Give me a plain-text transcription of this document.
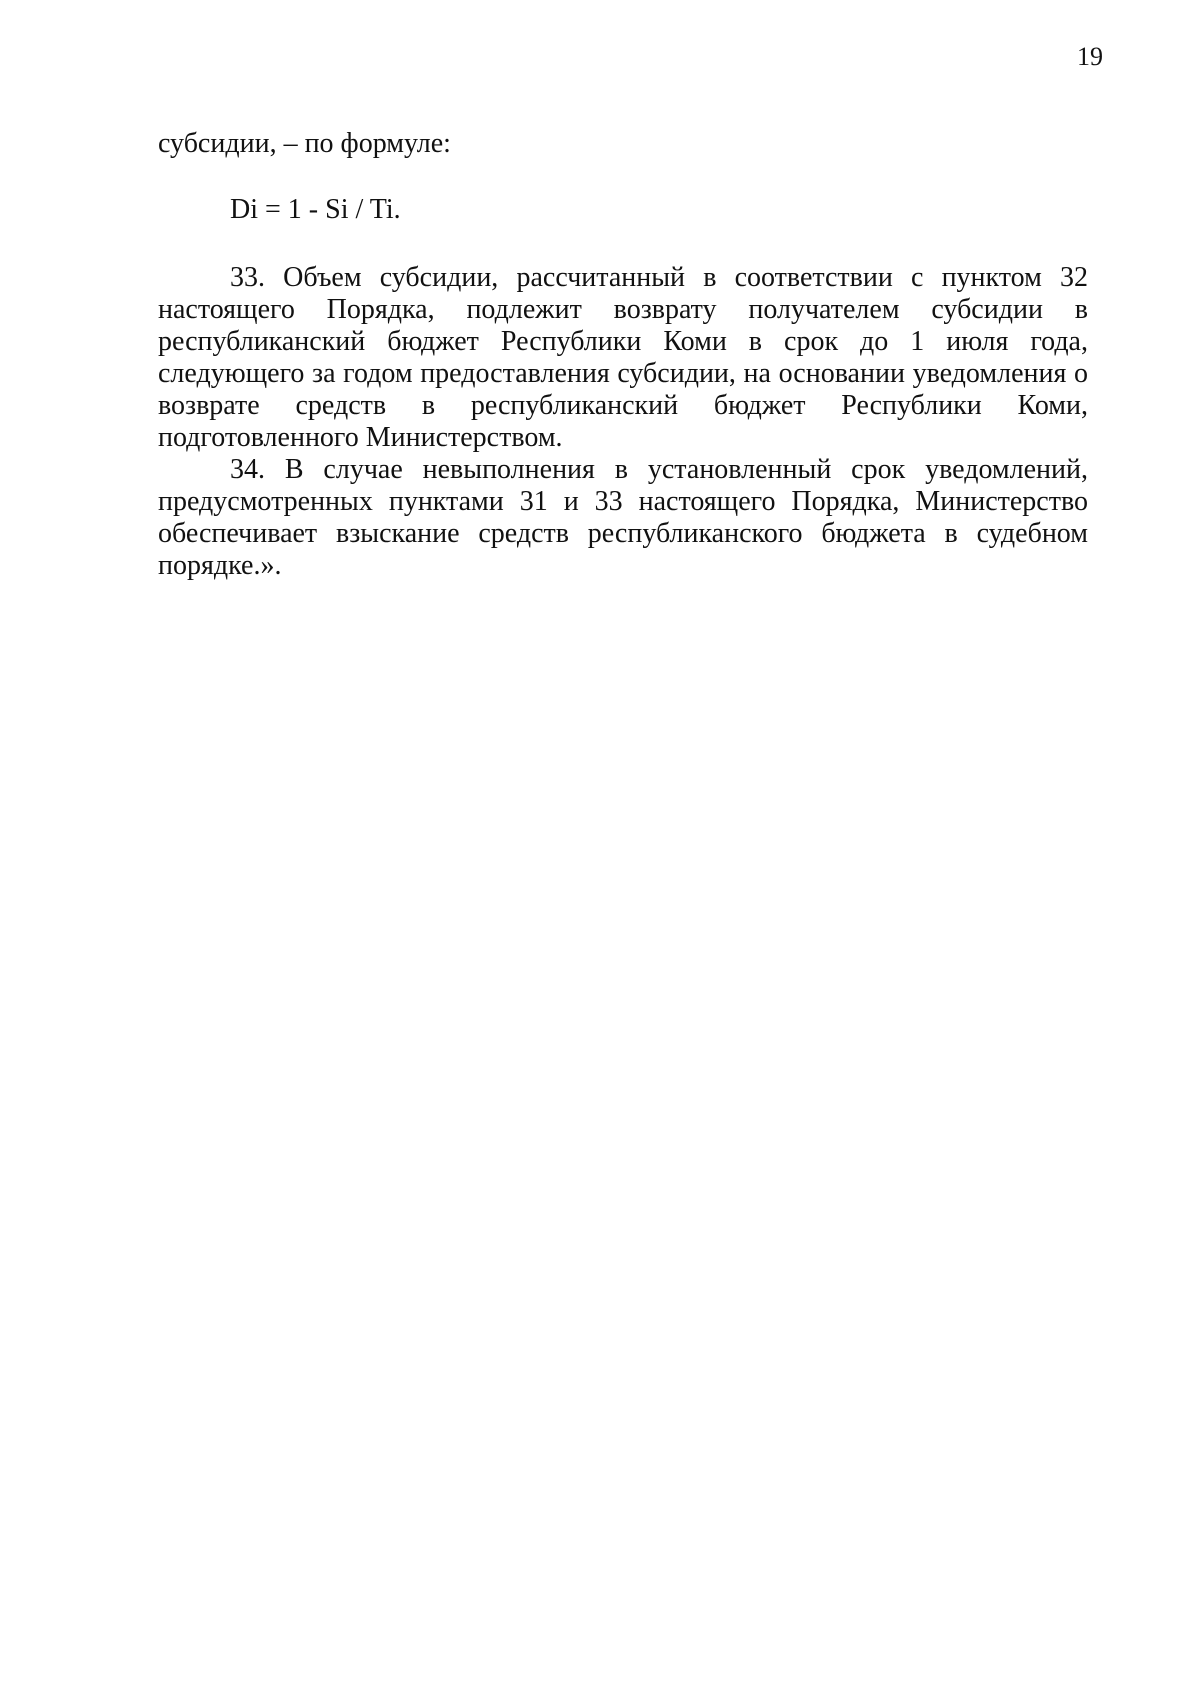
19
субсидии, – по формуле:
Di = 1 - Si / Ti.

33. Объем субсидии, рассчитанный в соответствии с пунктом 32 настоящего Порядка, подлежит возврату получателем субсидии в республиканский бюджет Республики Коми в срок до 1 июля года, следующего за годом предоставления субсидии, на основании уведомления о возврате средств в республиканский бюджет Республики Коми, подготовленного Министерством.

34. В случае невыполнения в установленный срок уведомлений, предусмотренных пунктами 31 и 33 настоящего Порядка, Министерство обеспечивает взыскание средств республиканского бюджета в судебном порядке.».
